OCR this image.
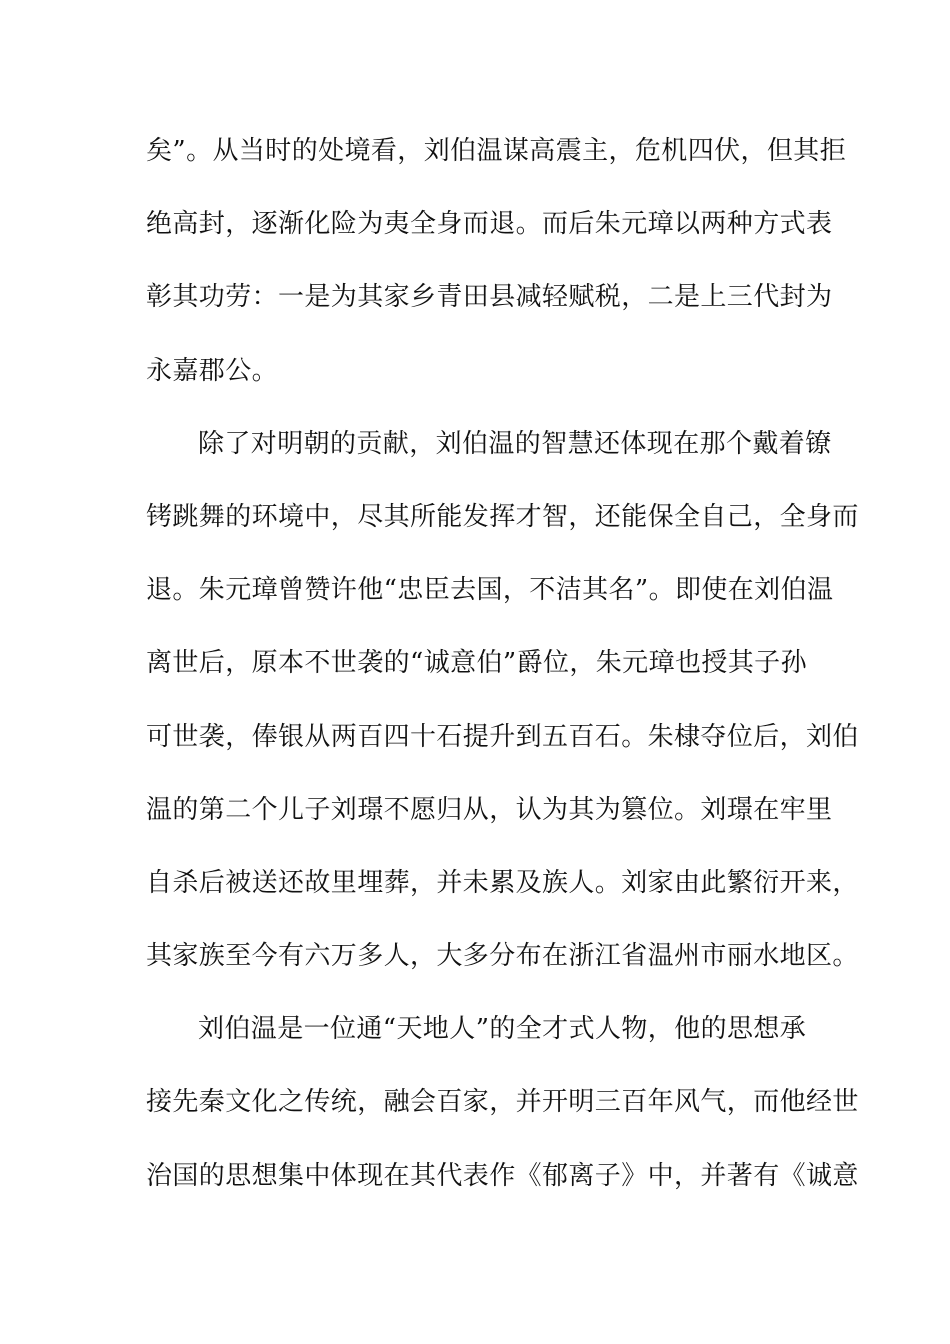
矣”。从当时的处境看，刘伯温谋高震主，危机四伏，但其拒
绝高封，逐渐化险为夷全身而退。而后朱元璋以两种方式表
彰其功劳：一是为其家乡青田县减轻赋税，二是上三代封为
永嘉郡公。
除了对明朝的贡献，刘伯温的智慧还体现在那个戴着镣
铐跳舞的环境中，尽其所能发挥才智，还能保全自己，全身而
退。朱元璋曾赞许他“忠臣去国，不洁其名”。即使在刘伯温
离世后，原本不世袭的“诚意伯”爵位，朱元璋也授其子孙
可世袭，俸银从两百四十石提升到五百石。朱棣夺位后，刘伯
温的第二个儿子刘璟不愿归从，认为其为篡位。刘璟在牢里
自杀后被送还故里埋葬，并未累及族人。刘家由此繁衍开来，
其家族至今有六万多人，大多分布在浙江省温州市丽水地区。
刘伯温是一位通“天地人”的全才式人物，他的思想承
接先秦文化之传统，融会百家，并开明三百年风气，而他经世
治国的思想集中体现在其代表作《郁离子》中，并著有《诚意
